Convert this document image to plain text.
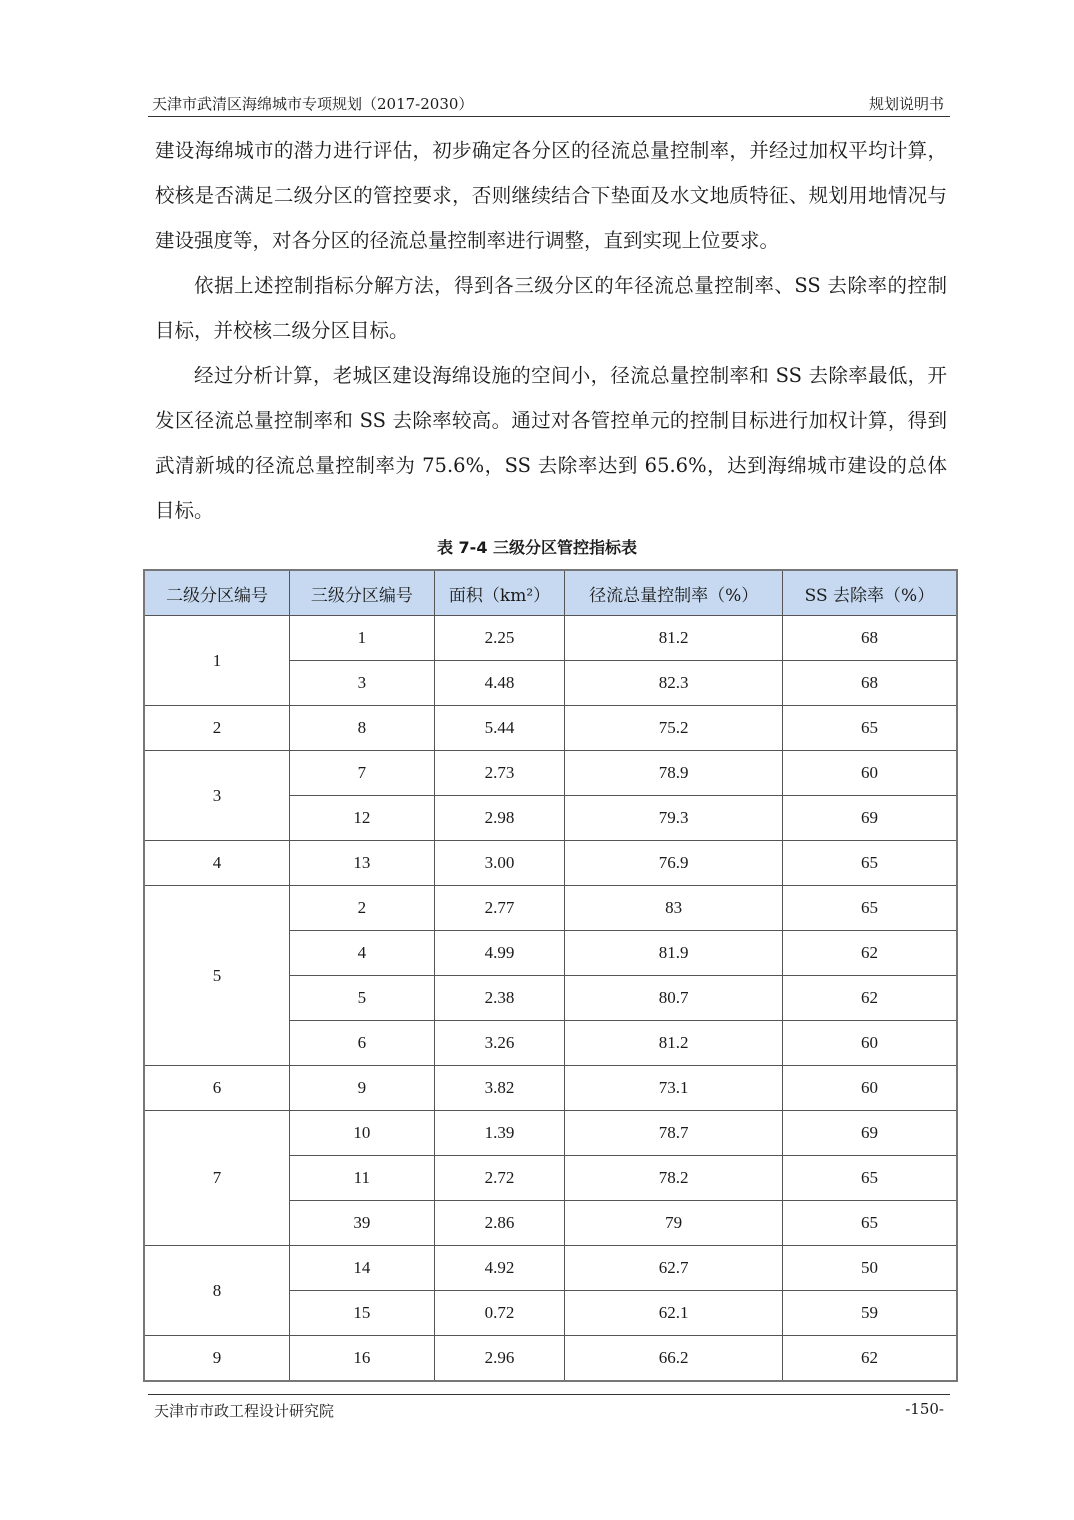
天津市武清区海绵城市专项规划（2017-2030）	规划说明书

建设海绵城市的潜力进行评估，初步确定各分区的径流总量控制率，并经过加权平均计算，校核是否满足二级分区的管控要求，否则继续结合下垫面及水文地质特征、规划用地情况与建设强度等，对各分区的径流总量控制率进行调整，直到实现上位要求。

依据上述控制指标分解方法，得到各三级分区的年径流总量控制率、SS 去除率的控制目标，并校核二级分区目标。

经过分析计算，老城区建设海绵设施的空间小，径流总量控制率和 SS 去除率最低，开发区径流总量控制率和 SS 去除率较高。通过对各管控单元的控制目标进行加权计算，得到武清新城的径流总量控制率为 75.6%，SS 去除率达到 65.6%，达到海绵城市建设的总体目标。

表 7-4 三级分区管控指标表
二级分区编号	三级分区编号	面积（km²）	径流总量控制率（%）	SS 去除率（%）
1	1	2.25	81.2	68
	3	4.48	82.3	68
2	8	5.44	75.2	65
3	7	2.73	78.9	60
	12	2.98	79.3	69
4	13	3.00	76.9	65
5	2	2.77	83	65
	4	4.99	81.9	62
	5	2.38	80.7	62
	6	3.26	81.2	60
6	9	3.82	73.1	60
7	10	1.39	78.7	69
	11	2.72	78.2	65
	39	2.86	79	65
8	14	4.92	62.7	50
	15	0.72	62.1	59
9	16	2.96	66.2	62
天津市市政工程设计研究院	-150-
